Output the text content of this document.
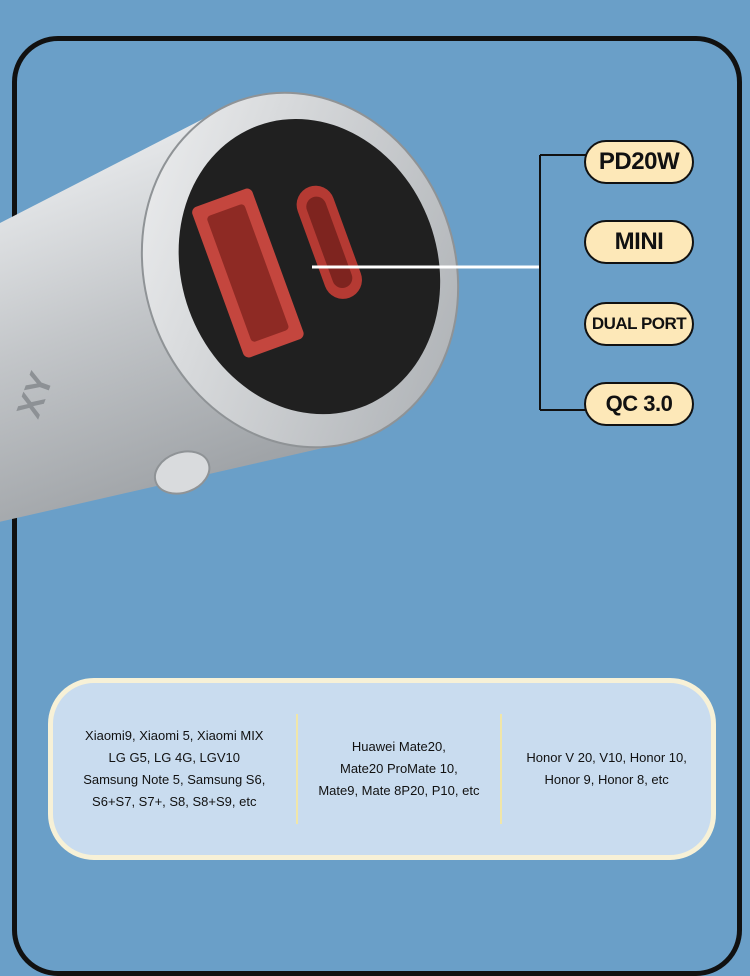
XY
PD20W
MINI
DUAL PORT
QC 3.0
Xiaomi9, Xiaomi 5, Xiaomi MIX
LG G5, LG 4G, LGV10
Samsung Note 5, Samsung S6,
S6+S7, S7+, S8, S8+S9, etc
Huawei Mate20,
Mate20 ProMate 10,
Mate9, Mate 8P20, P10, etc
Honor V 20, V10, Honor 10,
Honor 9, Honor 8, etc
